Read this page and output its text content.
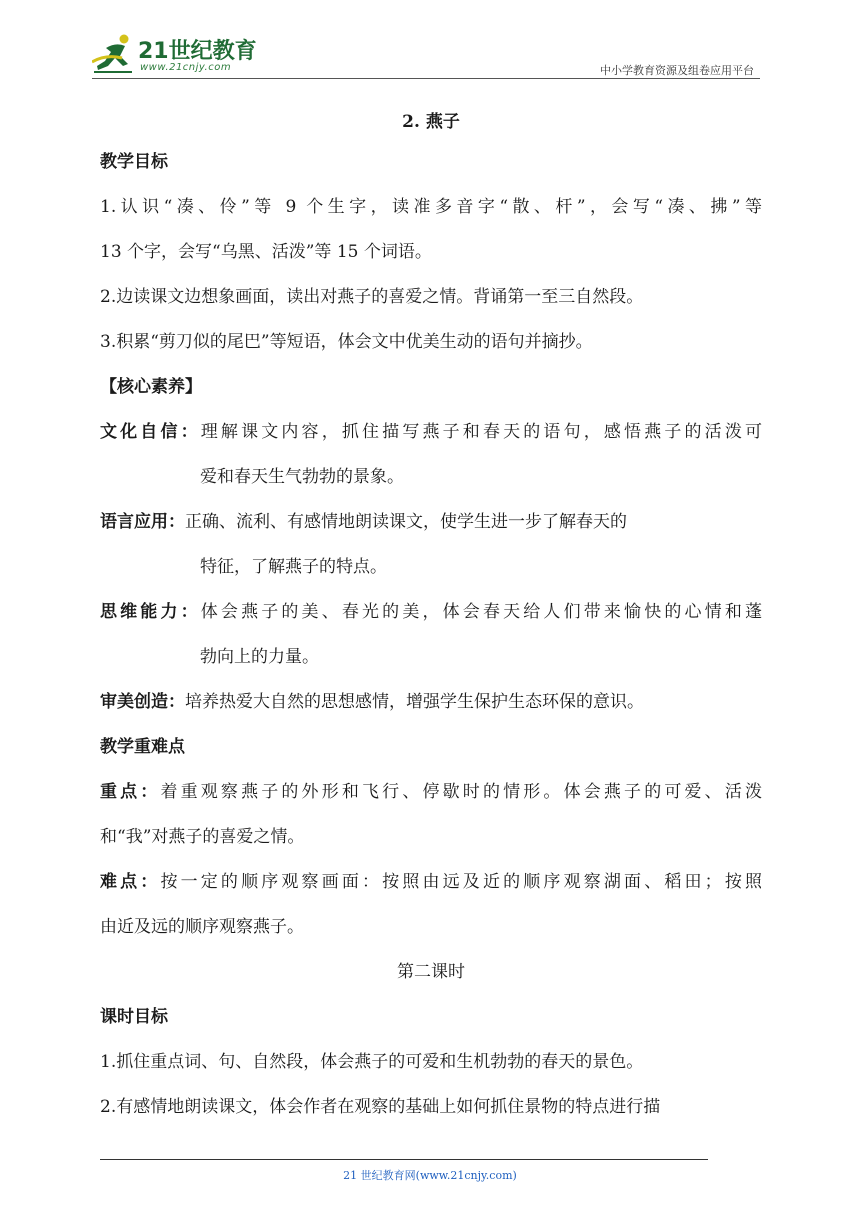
21世纪教育
www.21cnjy.com	中小学教育资源及组卷应用平台
2. 燕子
教学目标
1.认识“凑、伶”等 9 个生字，读准多音字“散、杆”，会写“凑、拂”等
13 个字，会写“乌黑、活泼”等 15 个词语。
2.边读课文边想象画面，读出对燕子的喜爱之情。背诵第一至三自然段。
3.积累“剪刀似的尾巴”等短语，体会文中优美生动的语句并摘抄。
【核心素养】
文化自信：理解课文内容，抓住描写燕子和春天的语句，感悟燕子的活泼可
爱和春天生气勃勃的景象。
语言应用：正确、流利、有感情地朗读课文，使学生进一步了解春天的
特征，了解燕子的特点。
思维能力：体会燕子的美、春光的美，体会春天给人们带来愉快的心情和蓬
勃向上的力量。
审美创造：培养热爱大自然的思想感情，增强学生保护生态环保的意识。
教学重难点
重点：着重观察燕子的外形和飞行、停歇时的情形。体会燕子的可爱、活泼
和“我”对燕子的喜爱之情。
难点：按一定的顺序观察画面：按照由远及近的顺序观察湖面、稻田；按照
由近及远的顺序观察燕子。
第二课时
课时目标
1.抓住重点词、句、自然段，体会燕子的可爱和生机勃勃的春天的景色。
2.有感情地朗读课文，体会作者在观察的基础上如何抓住景物的特点进行描
21 世纪教育网(www.21cnjy.com)
